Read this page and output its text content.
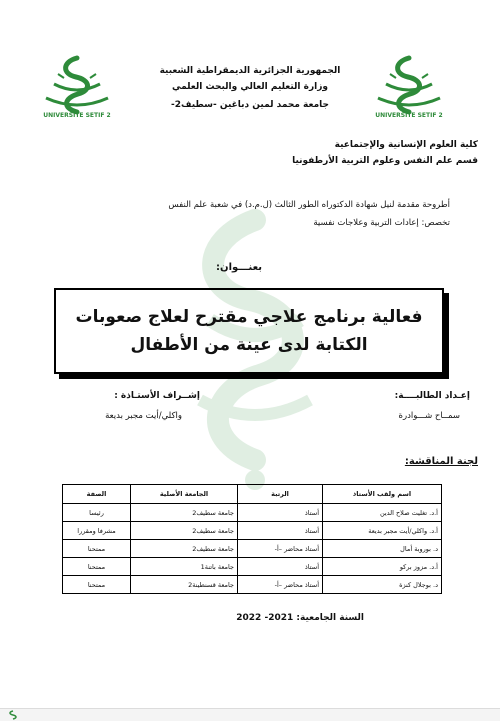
UNIVERSITE SETIF 2	UNIVERSITE SETIF 2
الجمهورية الجزائرية الديمقراطية الشعبية
وزارة التعليم العالي والبحث العلمي
جامعة محمد لمين دباغين -سطيف2-
كلية العلوم الإنسانية والإجتماعية
قسم علم النفس وعلوم التربية الأرطفونيا
أطروحة مقدمة لنيل شهادة الدكتوراه الطور الثالث (ل.م.د) في شعبة علم النفس
تخصص: إعادات التربية وعلاجات نفسية
بعنـــوان:
فعالية برنامج علاجي مقترح لعلاج صعوبات
الكتابة لدى عينة من الأطفال
إعـداد الطالبــــة:
سمــاح شـــوادرة
إشــراف الأستـاذة :
واكلي/أيت مجبر بديعة
لجنة المناقشة:
اسم ولقب الأستاذ	الرتبة	الجامعة الأصلية	الصفة
أ.د. تغليت صلاح الدين	أستاذ	جامعة سطيف2	رئيسا
أ.د. واكلي/أيت مجبر بديعة	أستاذ	جامعة سطيف2	مشرفا ومقررا
د. بوروبة أمال	أستاذ محاضر –أ-	جامعة سطيف2	ممتحنا
أ.د. مزوز بركو	أستاذ	جامعة باتنة1	ممتحنا
د. بوجلال كنزة	أستاذ محاضر –أ-	جامعة قسنطينة2	ممتحنا
السنة الجامعية: 2021- 2022
